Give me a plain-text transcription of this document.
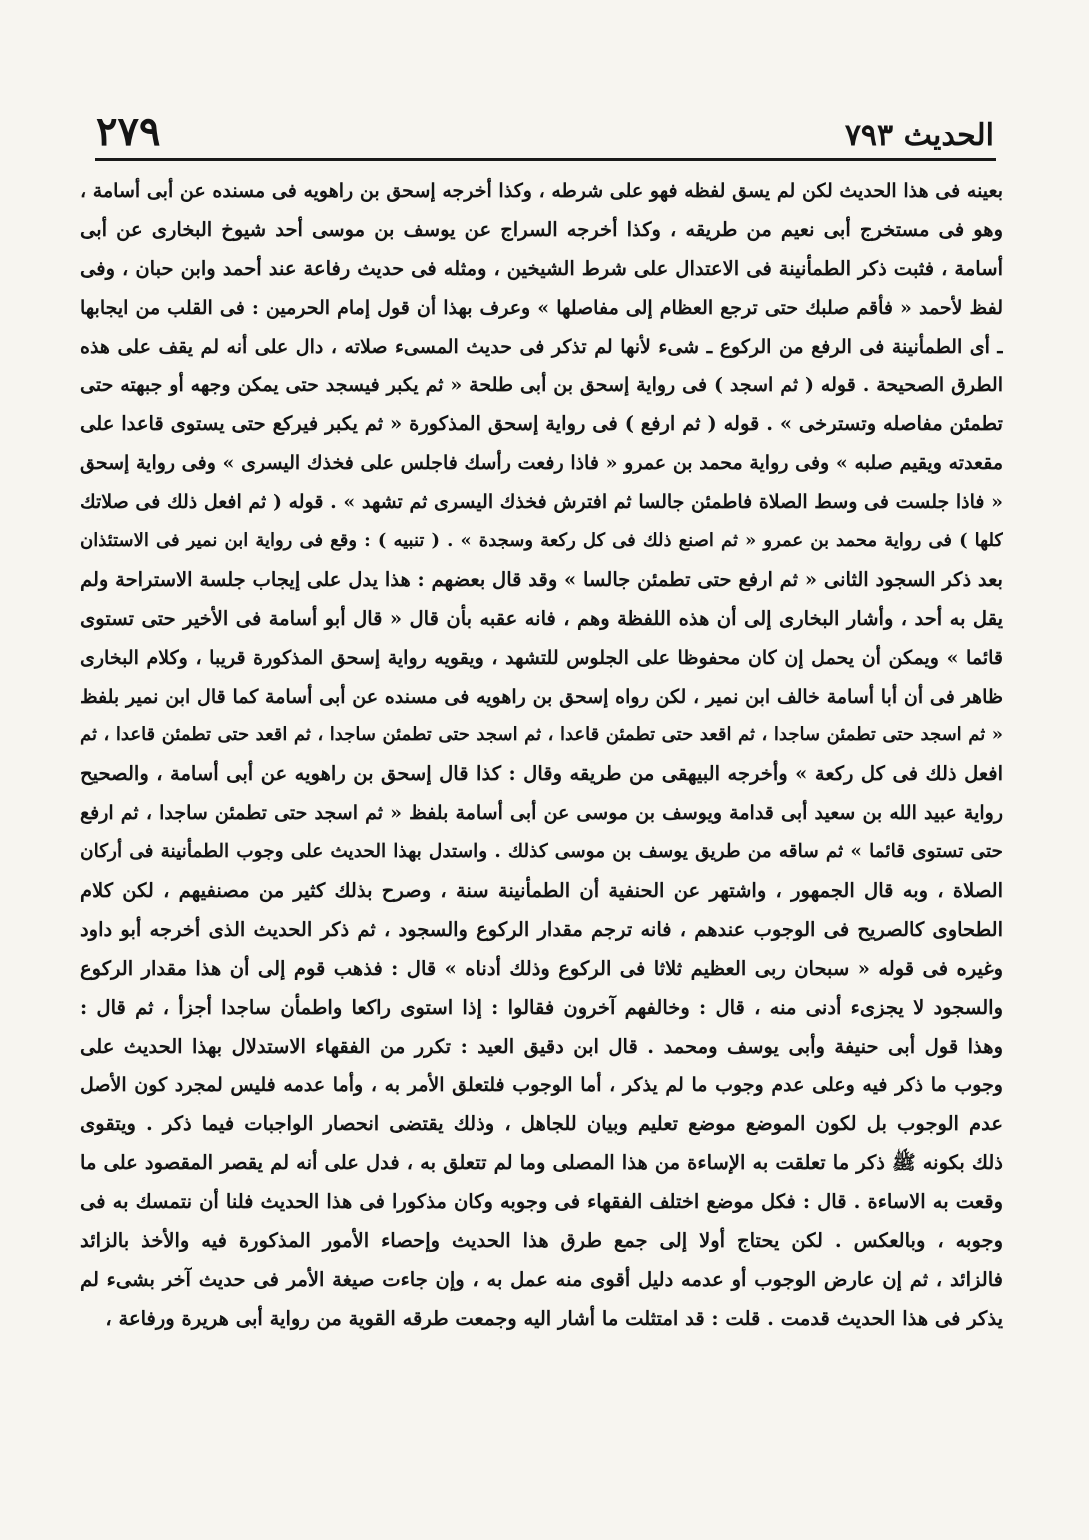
الحديث ٧٩٣
٢٧٩
بعينه فى هذا الحديث لكن لم يسق لفظه فهو على شرطه ، وكذا أخرجه إسحق بن راهويه فى مسنده عن أبى أسامة ،
وهو فى مستخرج أبى نعيم من طريقه ، وكذا أخرجه السراج عن يوسف بن موسى أحد شيوخ البخارى عن أبى
أسامة ، فثبت ذكر الطمأنينة فى الاعتدال على شرط الشيخين ، ومثله فى حديث رفاعة عند أحمد وابن حبان ، وفى
لفظ لأحمد « فأقم صلبك حتى ترجع العظام إلى مفاصلها » وعرف بهذا أن قول إمام الحرمين : فى القلب من ايجابها
ـ أى الطمأنينة فى الرفع من الركوع ـ شىء لأنها لم تذكر فى حديث المسىء صلاته ، دال على أنه لم يقف على هذه
الطرق الصحيحة . قوله ( ثم اسجد ) فى رواية إسحق بن أبى طلحة « ثم يكبر فيسجد حتى يمكن وجهه أو جبهته حتى
تطمئن مفاصله وتسترخى » . قوله ( ثم ارفع ) فى رواية إسحق المذكورة « ثم يكبر فيركع حتى يستوى قاعدا على
مقعدته ويقيم صلبه » وفى رواية محمد بن عمرو « فاذا رفعت رأسك فاجلس على فخذك اليسرى » وفى رواية إسحق
« فاذا جلست فى وسط الصلاة فاطمئن جالسا ثم افترش فخذك اليسرى ثم تشهد » . قوله ( ثم افعل ذلك فى صلاتك
كلها ) فى رواية محمد بن عمرو « ثم اصنع ذلك فى كل ركعة وسجدة » . ( تنبيه ) : وقع فى رواية ابن نمير فى الاستئذان
بعد ذكر السجود الثانى « ثم ارفع حتى تطمئن جالسا » وقد قال بعضهم : هذا يدل على إيجاب جلسة الاستراحة ولم
يقل به أحد ، وأشار البخارى إلى أن هذه اللفظة وهم ، فانه عقبه بأن قال « قال أبو أسامة فى الأخير حتى تستوى
قائما » ويمكن أن يحمل إن كان محفوظا على الجلوس للتشهد ، ويقويه رواية إسحق المذكورة قريبا ، وكلام البخارى
ظاهر فى أن أبا أسامة خالف ابن نمير ، لكن رواه إسحق بن راهويه فى مسنده عن أبى أسامة كما قال ابن نمير بلفظ
« ثم اسجد حتى تطمئن ساجدا ، ثم اقعد حتى تطمئن قاعدا ، ثم اسجد حتى تطمئن ساجدا ، ثم اقعد حتى تطمئن قاعدا ، ثم
افعل ذلك فى كل ركعة » وأخرجه البيهقى من طريقه وقال : كذا قال إسحق بن راهويه عن أبى أسامة ، والصحيح
رواية عبيد الله بن سعيد أبى قدامة ويوسف بن موسى عن أبى أسامة بلفظ « ثم اسجد حتى تطمئن ساجدا ، ثم ارفع
حتى تستوى قائما » ثم ساقه من طريق يوسف بن موسى كذلك . واستدل بهذا الحديث على وجوب الطمأنينة فى أركان
الصلاة ، وبه قال الجمهور ، واشتهر عن الحنفية أن الطمأنينة سنة ، وصرح بذلك كثير من مصنفيهم ، لكن كلام
الطحاوى كالصريح فى الوجوب عندهم ، فانه ترجم مقدار الركوع والسجود ، ثم ذكر الحديث الذى أخرجه أبو داود
وغيره فى قوله « سبحان ربى العظيم ثلاثا فى الركوع وذلك أدناه » قال : فذهب قوم إلى أن هذا مقدار الركوع
والسجود لا يجزىء أدنى منه ، قال : وخالفهم آخرون فقالوا : إذا استوى راكعا واطمأن ساجدا أجزأ ، ثم قال :
وهذا قول أبى حنيفة وأبى يوسف ومحمد . قال ابن دقيق العيد : تكرر من الفقهاء الاستدلال بهذا الحديث على
وجوب ما ذكر فيه وعلى عدم وجوب ما لم يذكر ، أما الوجوب فلتعلق الأمر به ، وأما عدمه فليس لمجرد كون الأصل
عدم الوجوب بل لكون الموضع موضع تعليم وبيان للجاهل ، وذلك يقتضى انحصار الواجبات فيما ذكر . ويتقوى
ذلك بكونه ﷺ ذكر ما تعلقت به الإساءة من هذا المصلى وما لم تتعلق به ، فدل على أنه لم يقصر المقصود على ما
وقعت به الاساءة . قال : فكل موضع اختلف الفقهاء فى وجوبه وكان مذكورا فى هذا الحديث فلنا أن نتمسك به فى
وجوبه ، وبالعكس . لكن يحتاج أولا إلى جمع طرق هذا الحديث وإحصاء الأمور المذكورة فيه والأخذ بالزائد
فالزائد ، ثم إن عارض الوجوب أو عدمه دليل أقوى منه عمل به ، وإن جاءت صيغة الأمر فى حديث آخر بشىء لم
يذكر فى هذا الحديث قدمت . قلت : قد امتثلت ما أشار اليه وجمعت طرقه القوية من رواية أبى هريرة ورفاعة ،
